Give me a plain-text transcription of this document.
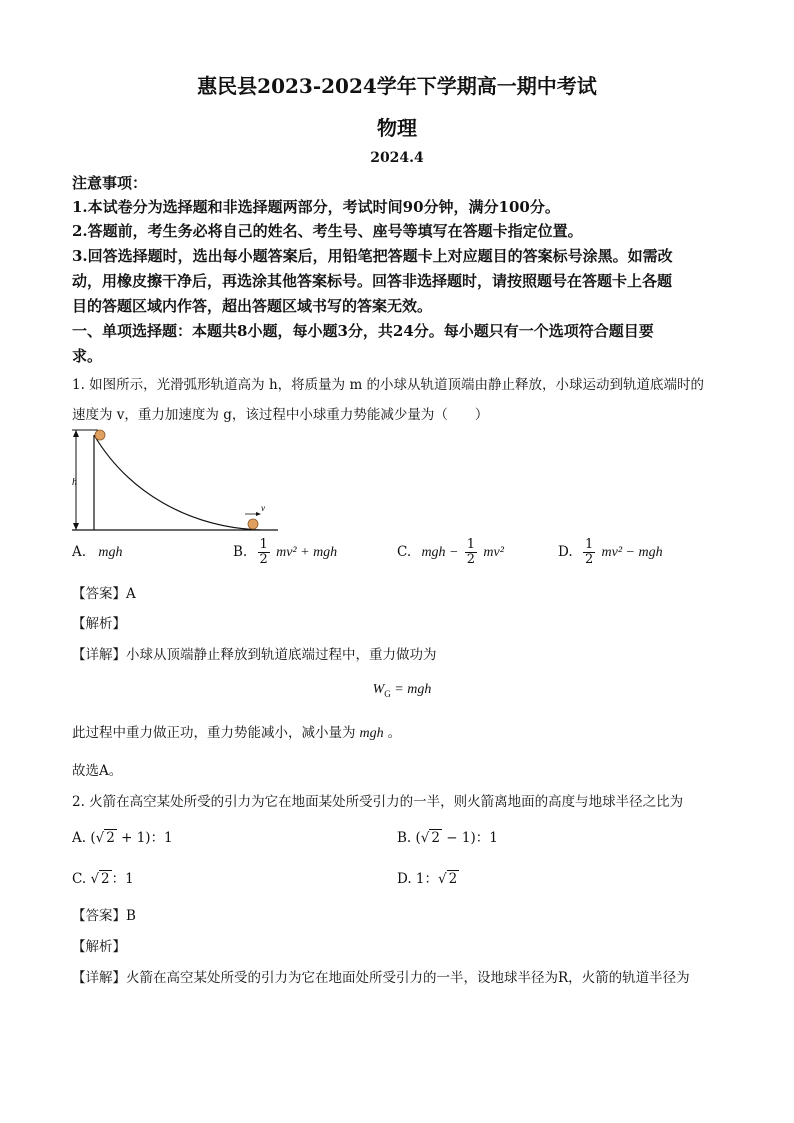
惠民县2023-2024学年下学期高一期中考试
物理
2024.4
注意事项：
1.本试卷分为选择题和非选择题两部分，考试时间90分钟，满分100分。
2.答题前，考生务必将自己的姓名、考生号、座号等填写在答题卡指定位置。
3.回答选择题时，选出每小题答案后，用铅笔把答题卡上对应题目的答案标号涂黑。如需改
动，用橡皮擦干净后，再选涂其他答案标号。回答非选择题时，请按照题号在答题卡上各题
目的答题区域内作答，超出答题区域书写的答案无效。
一、单项选择题：本题共8小题，每小题3分，共24分。每小题只有一个选项符合题目要
求。
1. 如图所示，光滑弧形轨道高为 h，将质量为 m 的小球从轨道顶端由静止释放，小球运动到轨道底端时的
速度为 v，重力加速度为 g，该过程中小球重力势能减少量为（　　）
h
v
A. mgh	B. $\frac{1}{2} mv^2$ + mgh	C. mgh − $\frac{1}{2} mv^2$	D. $\frac{1}{2} mv^2$ − mgh
【答案】A
【解析】
【详解】小球从顶端静止释放到轨道底端过程中，重力做功为
$W_G$ = mgh
此过程中重力做正功，重力势能减小，减小量为 mgh 。
故选A。
2. 火箭在高空某处所受的引力为它在地面某处所受引力的一半，则火箭离地面的高度与地球半径之比为
A. (√ 2 + 1)：1	B. (√ 2 − 1)：1
C. √ 2 ：1	D. 1：√ 2
【答案】B
【解析】
【详解】火箭在高空某处所受的引力为它在地面处所受引力的一半，设地球半径为R，火箭的轨道半径为
